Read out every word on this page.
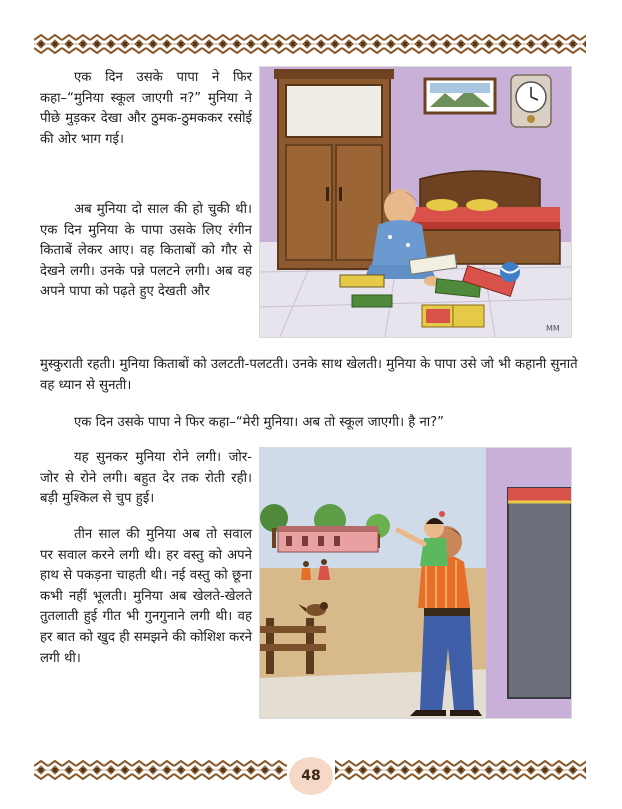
एक दिन उसके पापा ने फिर कहा–“मुनिया स्कूल जाएगी न?” मुनिया ने पीछे मुड़कर देखा और ठुमक-ठुमककर रसोई की ओर भाग गई।

अब मुनिया दो साल की हो चुकी थी। एक दिन मुनिया के पापा उसके लिए रंगीन किताबें लेकर आए। वह किताबों को गौर से देखने लगी। उनके पन्ने पलटने लगी। अब वह अपने पापा को पढ़ते हुए देखती और

मुस्कुराती रहती। मुनिया किताबों को उलटती-पलटती। उनके साथ खेलती। मुनिया के पापा उसे जो भी कहानी सुनाते वह ध्यान से सुनती।

एक दिन उसके पापा ने फिर कहा–“मेरी मुनिया। अब तो स्कूल जाएगी। है ना?”

यह सुनकर मुनिया रोने लगी। जोर-जोर से रोने लगी। बहुत देर तक रोती रही। बड़ी मुश्किल से चुप हुई।

तीन साल की मुनिया अब तो सवाल पर सवाल करने लगी थी। हर वस्तु को अपने हाथ से पकड़ना चाहती थी। नई वस्तु को छूना कभी नहीं भूलती। मुनिया अब खेलते-खेलते तुतलाती हुई गीत भी गुनगुनाने लगी थी। वह हर बात को खुद ही समझने की कोशिश करने लगी थी।

MM
48
